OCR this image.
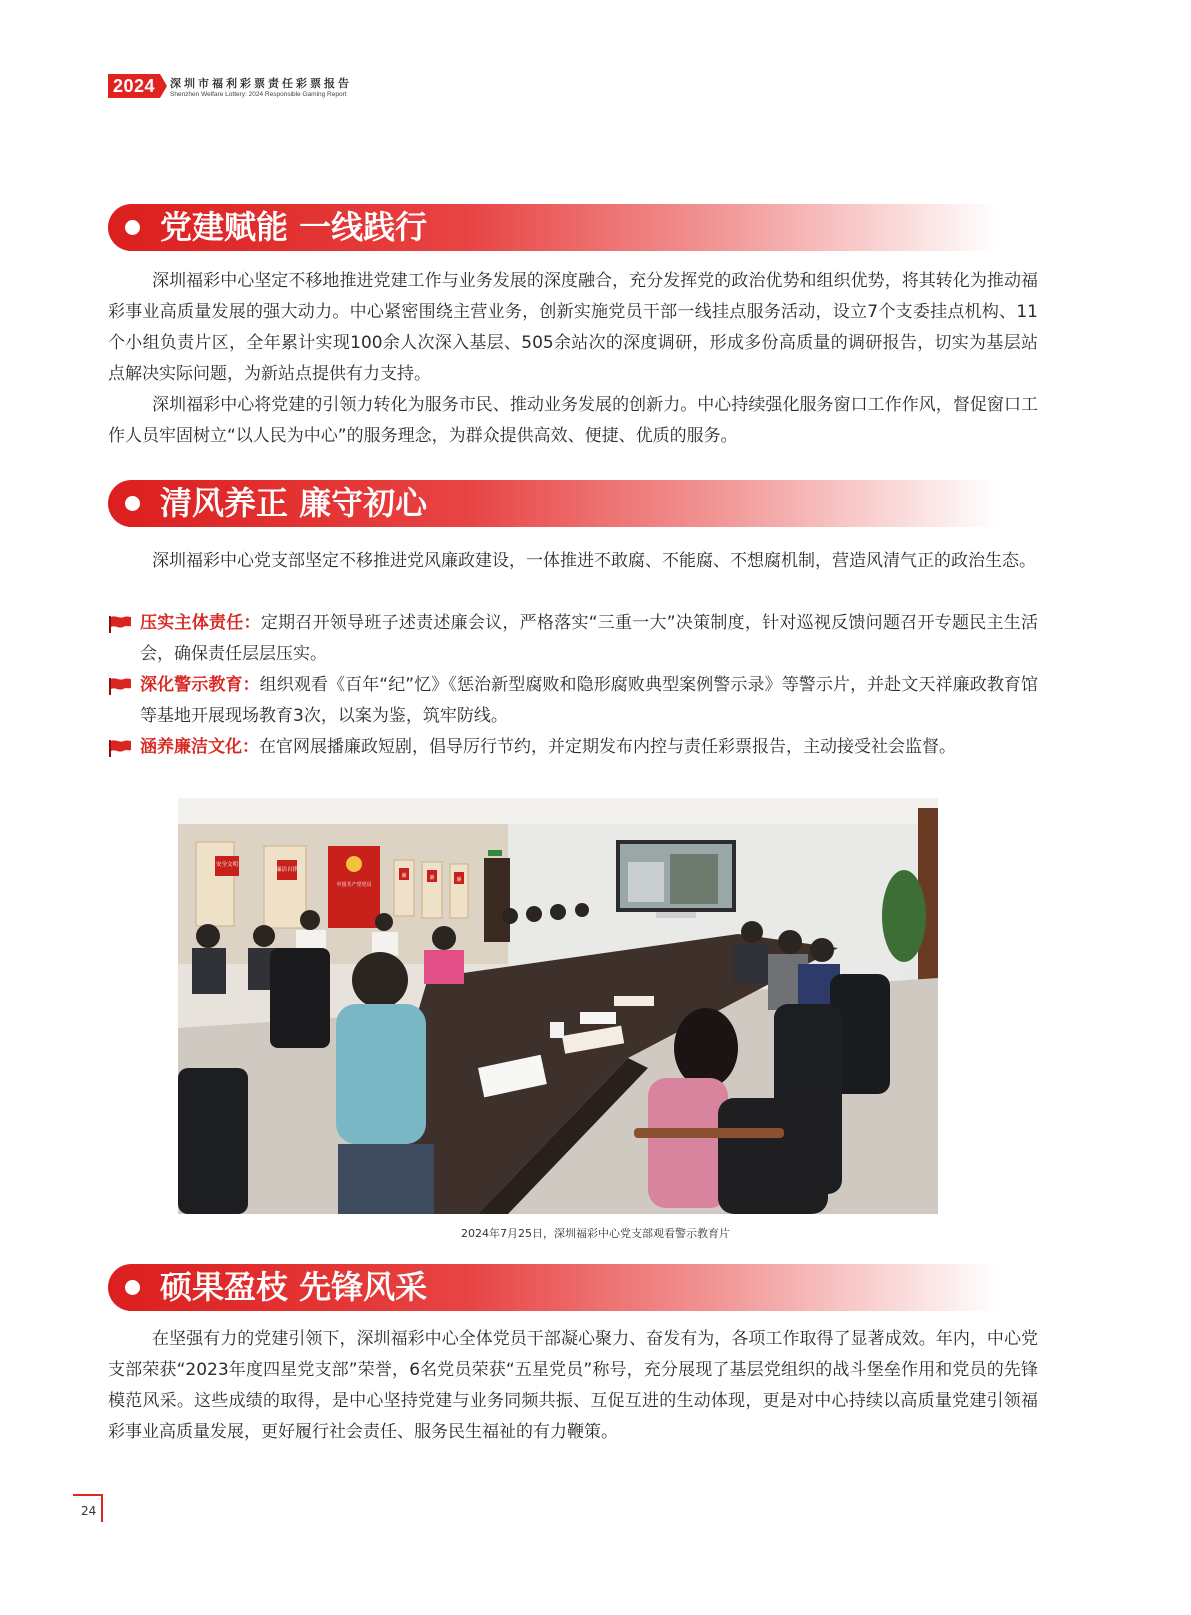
2024	深圳市福利彩票责任彩票报告
Shenzhen Welfare Lottery: 2024 Responsible Gaming Report
党建赋能 一线践行

深圳福彩中心坚定不移地推进党建工作与业务发展的深度融合，充分发挥党的政治优势和组织优势，将其转化为推动福彩事业高质量发展的强大动力。中心紧密围绕主营业务，创新实施党员干部一线挂点服务活动，设立7个支委挂点机构、11个小组负责片区，全年累计实现100余人次深入基层、505余站次的深度调研，形成多份高质量的调研报告，切实为基层站点解决实际问题，为新站点提供有力支持。

深圳福彩中心将党建的引领力转化为服务市民、推动业务发展的创新力。中心持续强化服务窗口工作作风，督促窗口工作人员牢固树立“以人民为中心”的服务理念，为群众提供高效、便捷、优质的服务。

清风养正 廉守初心

深圳福彩中心党支部坚定不移推进党风廉政建设，一体推进不敢腐、不能腐、不想腐机制，营造风清气正的政治生态。

压实主体责任：定期召开领导班子述责述廉会议，严格落实“三重一大”决策制度，针对巡视反馈问题召开专题民主生活会，确保责任层层压实。
深化警示教育：组织观看《百年“纪”忆》《惩治新型腐败和隐形腐败典型案例警示录》等警示片，并赴文天祥廉政教育馆等基地开展现场教育3次，以案为鉴，筑牢防线。
涵养廉洁文化：在官网展播廉政短剧，倡导厉行节约，并定期发布内控与责任彩票报告，主动接受社会监督。
安全文明
廉洁自律
中国共产党党员
廉	廉	廉
2024年7月25日，深圳福彩中心党支部观看警示教育片
硕果盈枝 先锋风采

在坚强有力的党建引领下，深圳福彩中心全体党员干部凝心聚力、奋发有为，各项工作取得了显著成效。年内，中心党支部荣获“2023年度四星党支部”荣誉，6名党员荣获“五星党员”称号，充分展现了基层党组织的战斗堡垒作用和党员的先锋模范风采。这些成绩的取得，是中心坚持党建与业务同频共振、互促互进的生动体现，更是对中心持续以高质量党建引领福彩事业高质量发展，更好履行社会责任、服务民生福祉的有力鞭策。

24
